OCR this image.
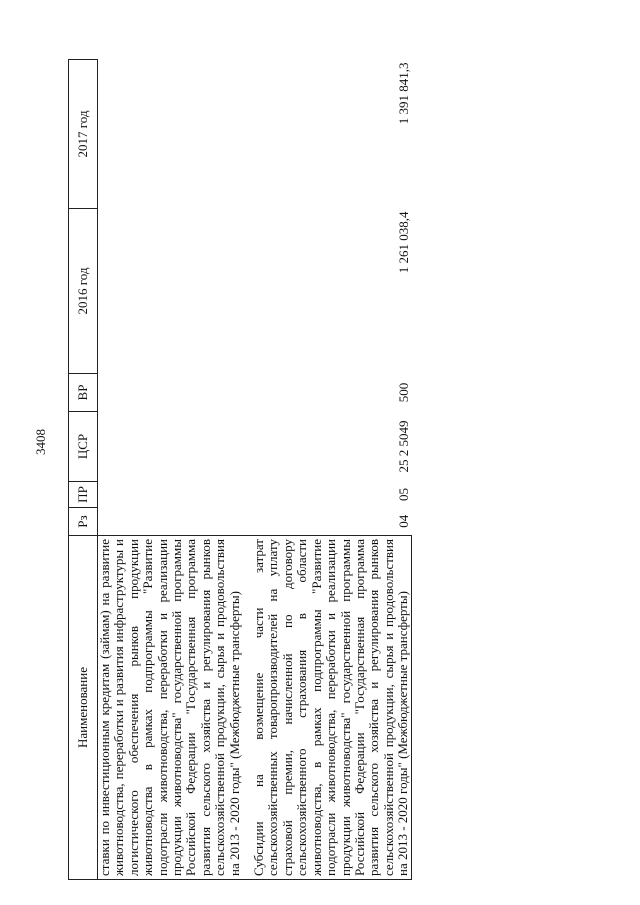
3408
Наименование	Рз	ПР	ЦСР	ВР	2016 год	2017 год
ставки по инвестиционным кредитам (займам) на развитие животноводства, переработки и развития инфраструктуры и логистического обеспечения рынков продукции животноводства в рамках подпрограммы "Развитие подотрасли животноводства, переработки и реализации продукции животноводства" государственной программы Российской Федерации "Государственная программа развития сельского хозяйства и регулирования рынков сельскохозяйственной продукции, сырья и продовольствия на 2013 - 2020 годы" (Межбюджетные трансферты)						

Субсидии на возмещение части затрат сельскохозяйственных товаропроизводителей на уплату страховой премии, начисленной по договору сельскохозяйственного страхования в области животноводства, в рамках подпрограммы "Развитие подотрасли животноводства, переработки и реализации продукции животноводства" государственной программы Российской Федерации "Государственная программа развития сельского хозяйства и регулирования рынков сельскохозяйственной продукции, сырья и продовольствия на 2013 - 2020 годы" (Межбюджетные трансферты)	04	05	25 2 5049	500	1 261 038,4	1 391 841,3
